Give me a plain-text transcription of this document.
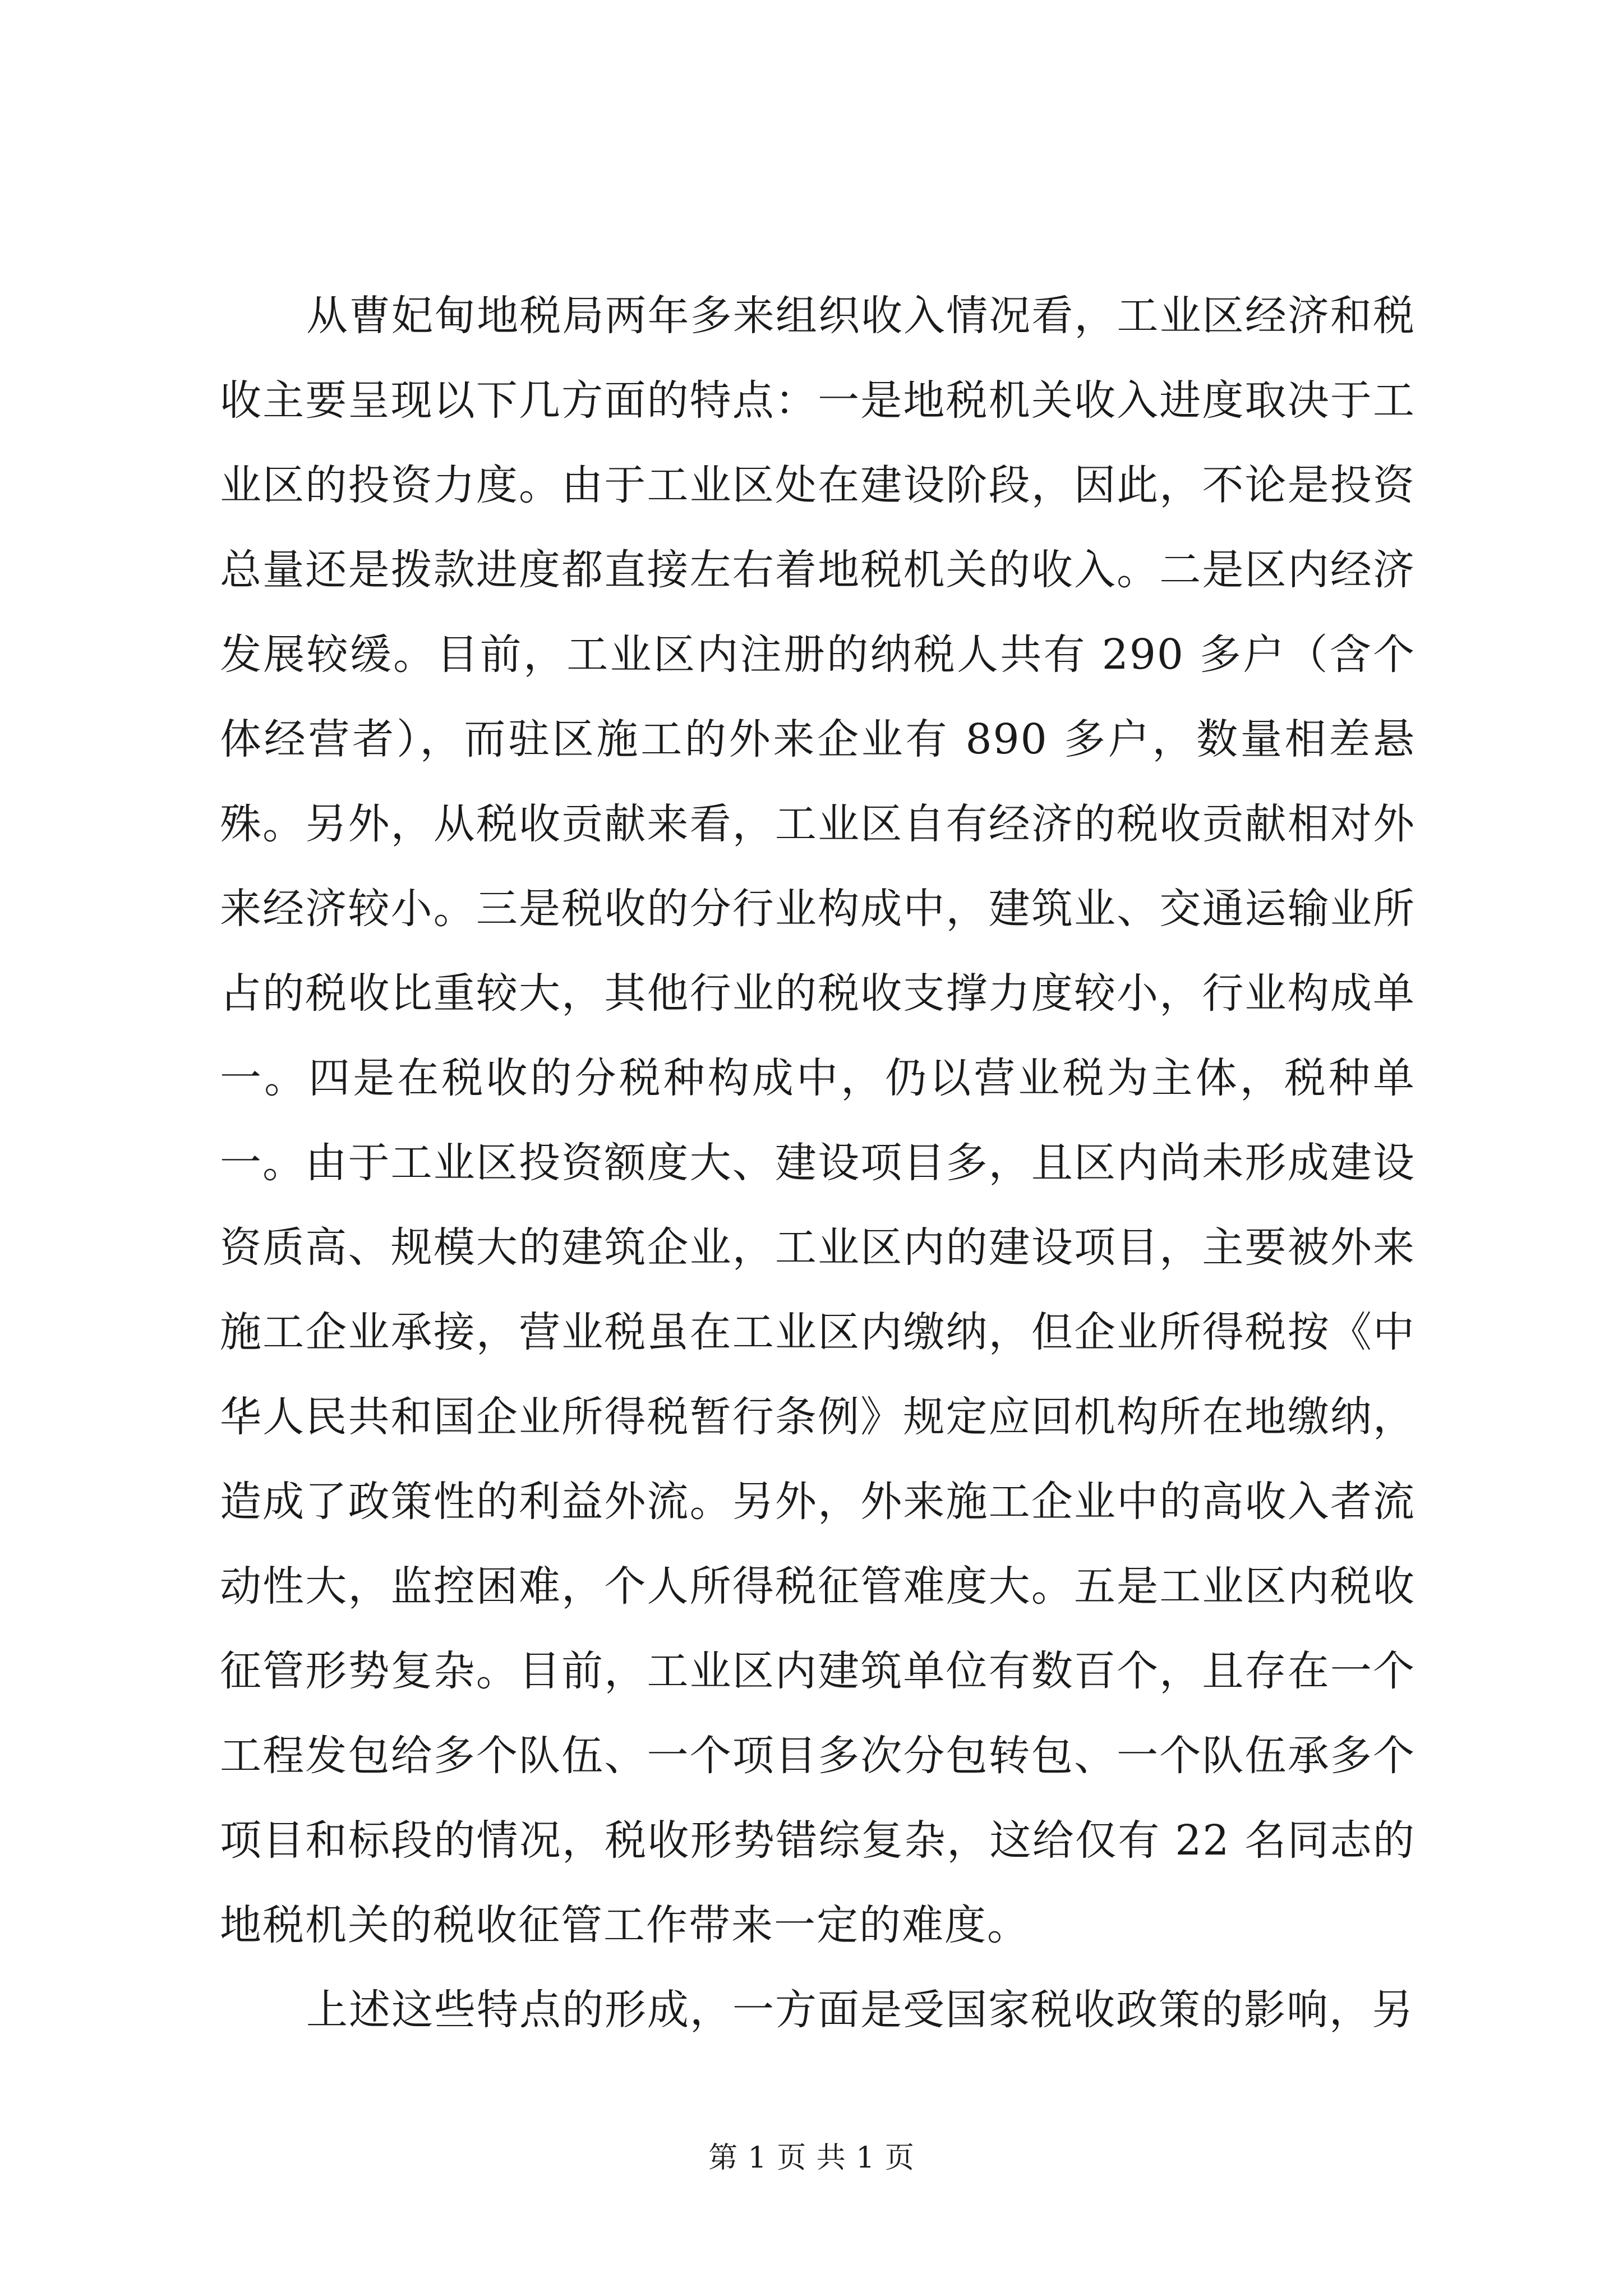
从曹妃甸地税局两年多来组织收入情况看，工业区经济和税收主要呈现以下几方面的特点：一是地税机关收入进度取决于工业区的投资力度。由于工业区处在建设阶段，因此，不论是投资总量还是拨款进度都直接左右着地税机关的收入。二是区内经济发展较缓。目前，工业区内注册的纳税人共有 290 多户（含个体经营者），而驻区施工的外来企业有 890 多户，数量相差悬殊。另外，从税收贡献来看，工业区自有经济的税收贡献相对外来经济较小。三是税收的分行业构成中，建筑业、交通运输业所占的税收比重较大，其他行业的税收支撑力度较小，行业构成单一。四是在税收的分税种构成中，仍以营业税为主体，税种单一。由于工业区投资额度大、建设项目多，且区内尚未形成建设资质高、规模大的建筑企业，工业区内的建设项目，主要被外来施工企业承接，营业税虽在工业区内缴纳，但企业所得税按《中华人民共和国企业所得税暂行条例》规定应回机构所在地缴纳，造成了政策性的利益外流。另外，外来施工企业中的高收入者流动性大，监控困难，个人所得税征管难度大。五是工业区内税收征管形势复杂。目前，工业区内建筑单位有数百个，且存在一个工程发包给多个队伍、一个项目多次分包转包、一个队伍承多个项目和标段的情况，税收形势错综复杂，这给仅有 22 名同志的地税机关的税收征管工作带来一定的难度。

上述这些特点的形成，一方面是受国家税收政策的影响，另

第 1 页 共 1 页
